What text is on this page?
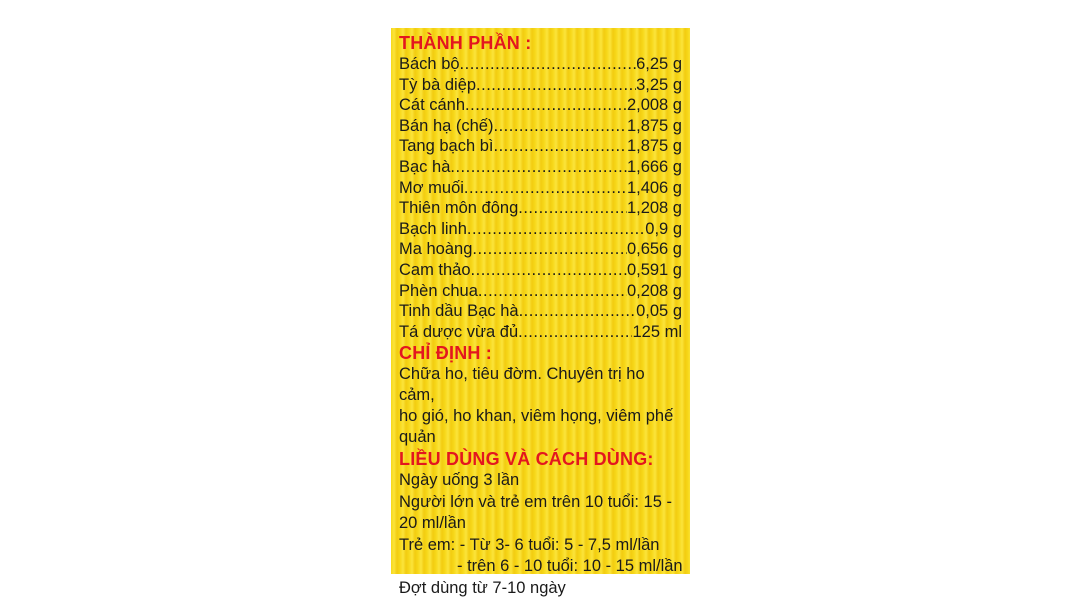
THÀNH PHẦN :
Bách bộ .....	6,25 g
Tỳ bà diệp .....	3,25 g
Cát cánh .....	2,008 g
Bán hạ (chế) .....	1,875 g
Tang bạch bì .....	1,875 g
Bạc hà .....	1,666 g
Mơ muối .....	1,406 g
Thiên môn đông .....	1,208 g
Bạch linh .....	0,9 g
Ma hoàng .....	0,656 g
Cam thảo .....	0,591 g
Phèn chua .....	0,208 g
Tinh dầu Bạc hà .....	0,05 g
Tá dược vừa đủ .....	125 ml
CHỈ ĐỊNH :
Chữa ho, tiêu đờm. Chuyên trị ho cảm,
ho gió, ho khan, viêm họng, viêm phế
quản
LIỀU DÙNG VÀ CÁCH DÙNG:
Ngày uống 3 lần
Người lớn và trẻ em trên 10 tuổi: 15 -
20 ml/lần
Trẻ em: - Từ 3- 6 tuổi: 5 - 7,5 ml/lần
- trên 6 - 10 tuổi: 10 - 15 ml/lần
Đợt dùng từ 7-10 ngày
